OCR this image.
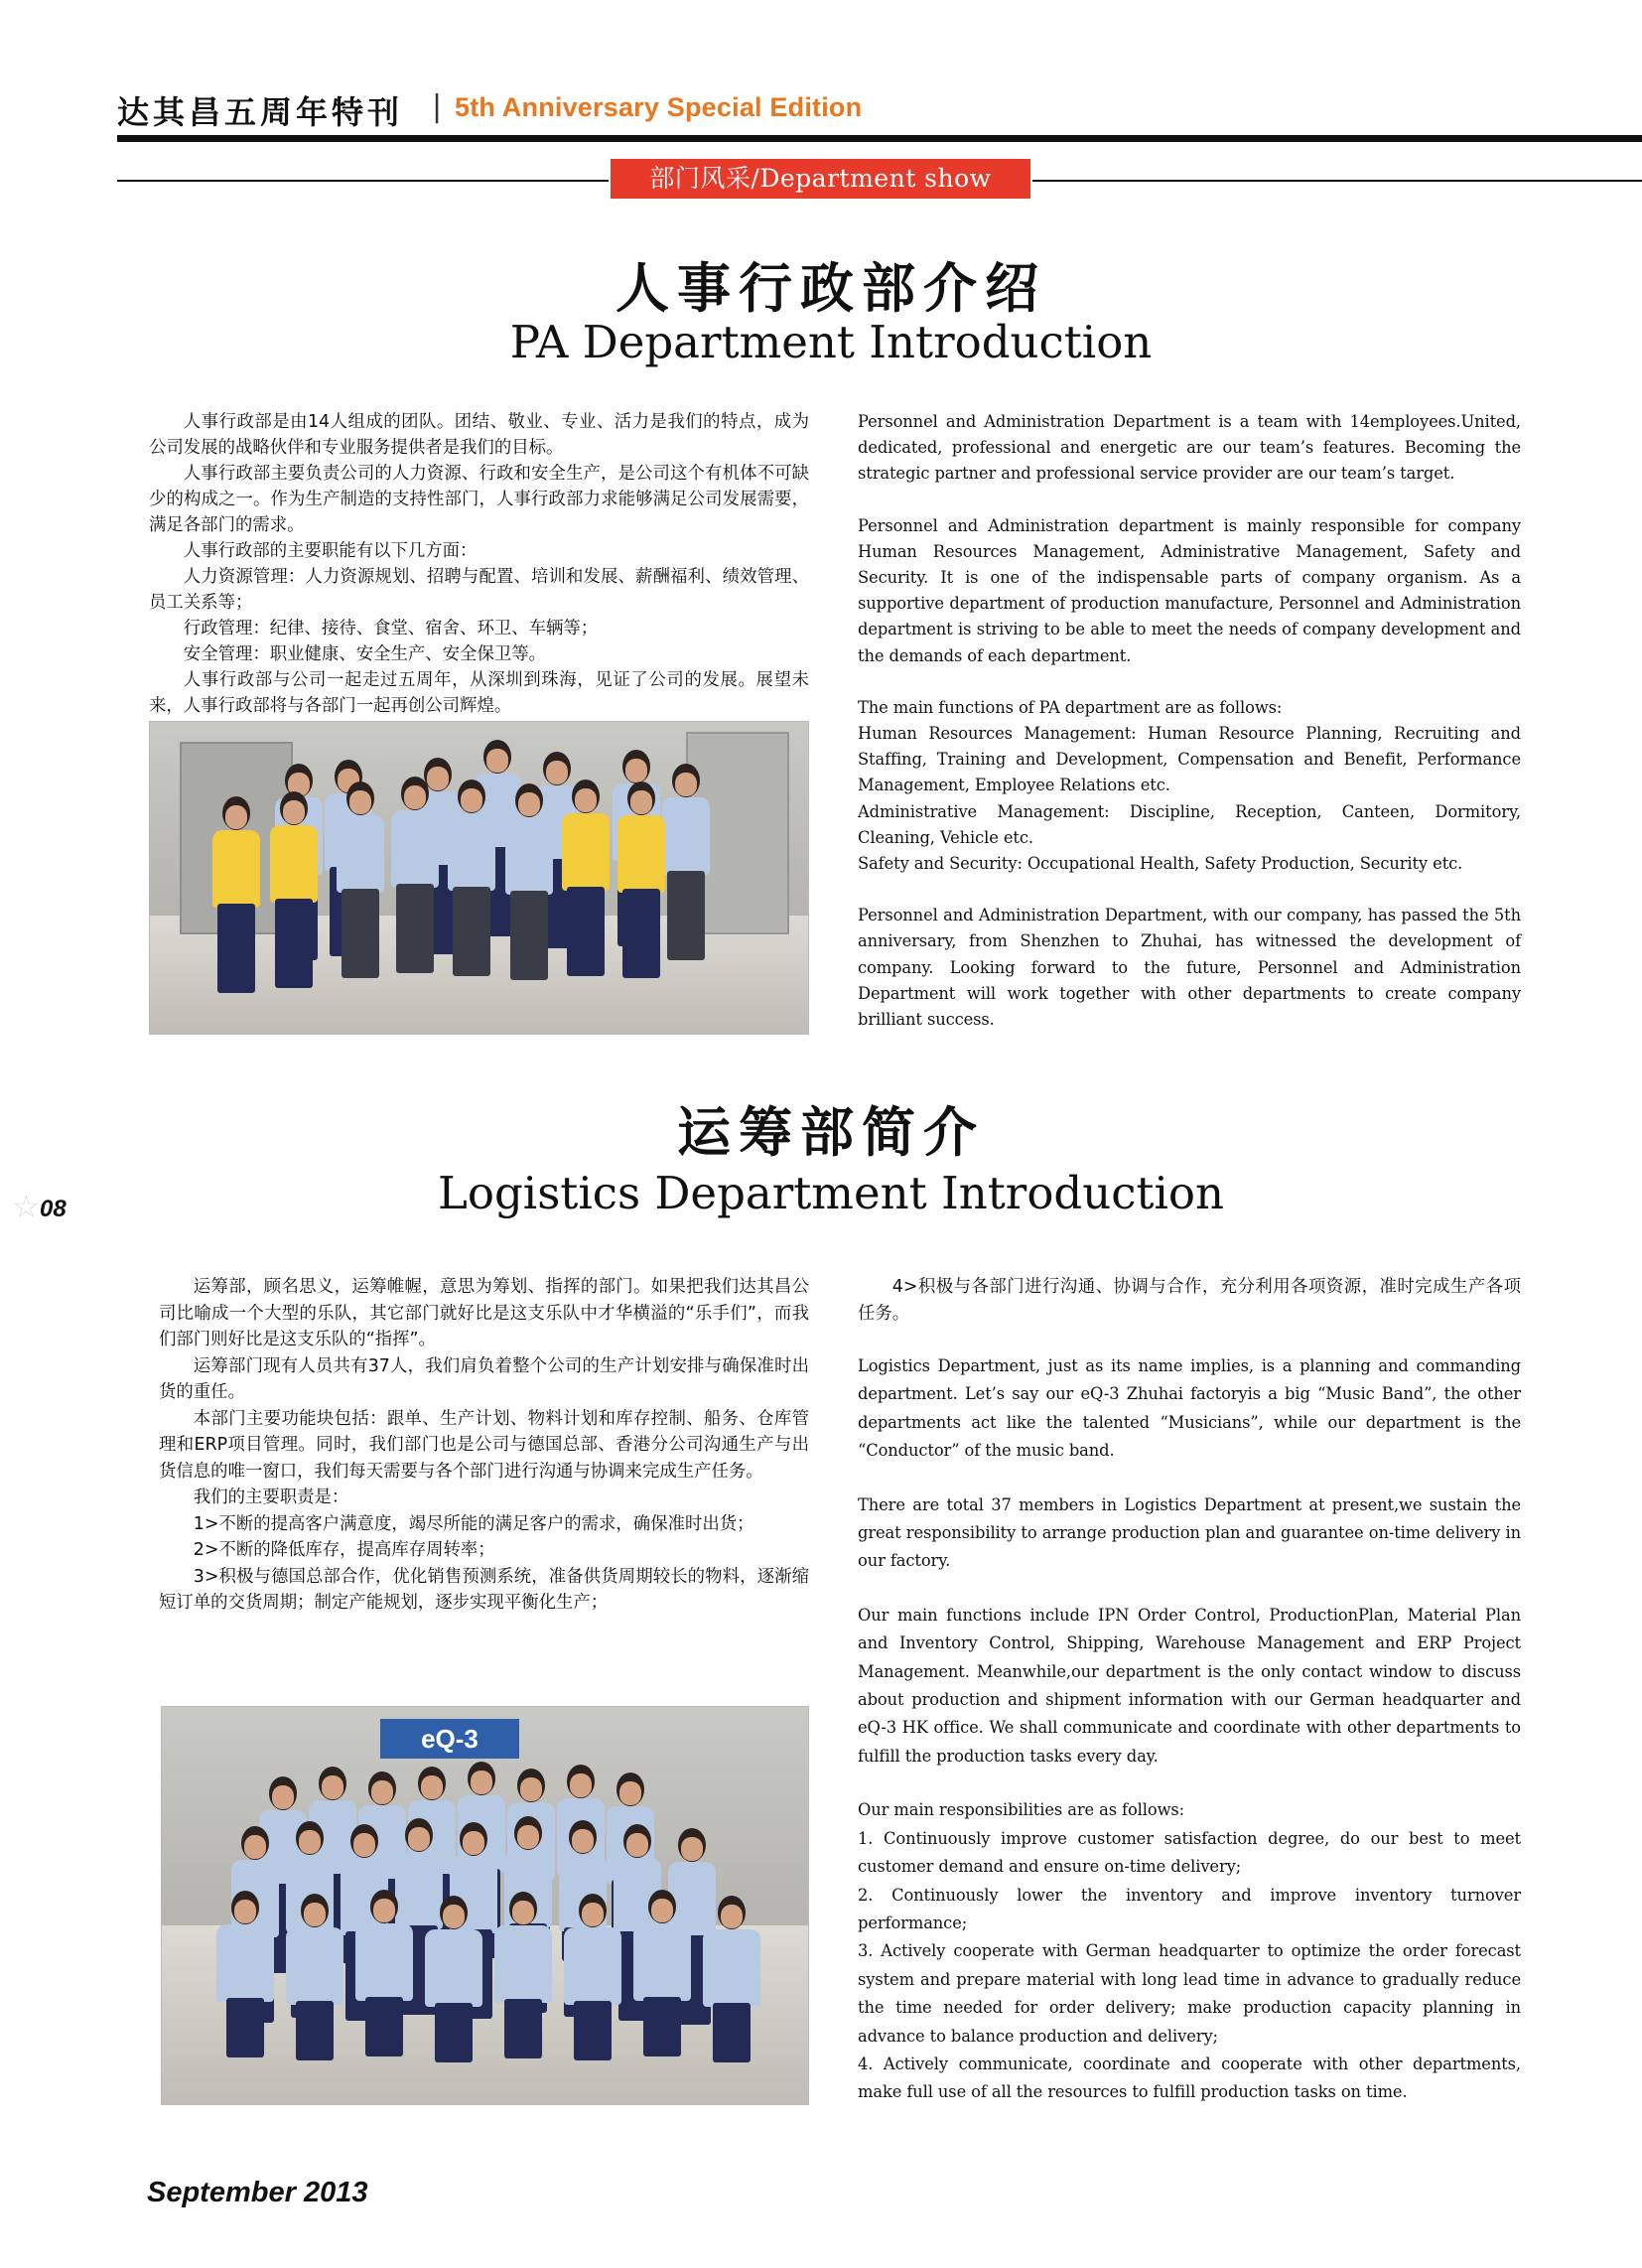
达其昌五周年特刊 | 5th Anniversary Special Edition
部门风采/Department show
人事行政部介绍
PA Department Introduction

人事行政部是由14人组成的团队。团结、敬业、专业、活力是我们的特点，成为公司发展的战略伙伴和专业服务提供者是我们的目标。

人事行政部主要负责公司的人力资源、行政和安全生产，是公司这个有机体不可缺少的构成之一。作为生产制造的支持性部门，人事行政部力求能够满足公司发展需要，满足各部门的需求。

人事行政部的主要职能有以下几方面：

人力资源管理：人力资源规划、招聘与配置、培训和发展、薪酬福利、绩效管理、员工关系等；

行政管理：纪律、接待、食堂、宿舍、环卫、车辆等；

安全管理：职业健康、安全生产、安全保卫等。

人事行政部与公司一起走过五周年，从深圳到珠海，见证了公司的发展。展望未来，人事行政部将与各部门一起再创公司辉煌。

Personnel and Administration Department is a team with 14employees.United, dedicated, professional and energetic are our team’s features. Becoming the strategic partner and professional service provider are our team’s target.

Personnel and Administration department is mainly responsible for company Human Resources Management, Administrative Management, Safety and Security. It is one of the indispensable parts of company organism. As a supportive department of production manufacture, Personnel and Administration department is striving to be able to meet the needs of company development and the demands of each department.

The main functions of PA department are as follows:

Human Resources Management: Human Resource Planning, Recruiting and Staffing, Training and Development, Compensation and Benefit, Performance Management, Employee Relations etc.

Administrative Management: Discipline, Reception, Canteen, Dormitory, Cleaning, Vehicle etc.

Safety and Security: Occupational Health, Safety Production, Security etc.

Personnel and Administration Department, with our company, has passed the 5th anniversary, from Shenzhen to Zhuhai, has witnessed the development of company. Looking forward to the future, Personnel and Administration Department will work together with other departments to create company brilliant success.

运筹部简介
Logistics Department Introduction
☆ 08

运筹部，顾名思义，运筹帷幄，意思为筹划、指挥的部门。如果把我们达其昌公司比喻成一个大型的乐队，其它部门就好比是这支乐队中才华横溢的“乐手们”，而我们部门则好比是这支乐队的“指挥”。

运筹部门现有人员共有37人，我们肩负着整个公司的生产计划安排与确保准时出货的重任。

本部门主要功能块包括：跟单、生产计划、物料计划和库存控制、船务、仓库管理和ERP项目管理。同时，我们部门也是公司与德国总部、香港分公司沟通生产与出货信息的唯一窗口，我们每天需要与各个部门进行沟通与协调来完成生产任务。

我们的主要职责是：

1>不断的提高客户满意度，竭尽所能的满足客户的需求，确保准时出货；

2>不断的降低库存，提高库存周转率；

3>积极与德国总部合作，优化销售预测系统，准备供货周期较长的物料，逐渐缩短订单的交货周期；制定产能规划，逐步实现平衡化生产；

eQ-3

4>积极与各部门进行沟通、协调与合作，充分利用各项资源，准时完成生产各项任务。

Logistics Department, just as its name implies, is a planning and commanding department. Let’s say our eQ-3 Zhuhai factoryis a big “Music Band”, the other departments act like the talented “Musicians”, while our department is the “Conductor” of the music band.

There are total 37 members in Logistics Department at present,we sustain the great responsibility to arrange production plan and guarantee on-time delivery in our factory.

Our main functions include IPN Order Control, ProductionPlan, Material Plan and Inventory Control, Shipping, Warehouse Management and ERP Project Management. Meanwhile,our department is the only contact window to discuss about production and shipment information with our German headquarter and eQ-3 HK office. We shall communicate and coordinate with other departments to fulfill the production tasks every day.

Our main responsibilities are as follows:

1. Continuously improve customer satisfaction degree, do our best to meet customer demand and ensure on-time delivery;

2. Continuously lower the inventory and improve inventory turnover performance;

3. Actively cooperate with German headquarter to optimize the order forecast system and prepare material with long lead time in advance to gradually reduce the time needed for order delivery; make production capacity planning in advance to balance production and delivery;

4. Actively communicate, coordinate and cooperate with other departments, make full use of all the resources to fulfill production tasks on time.

September 2013
